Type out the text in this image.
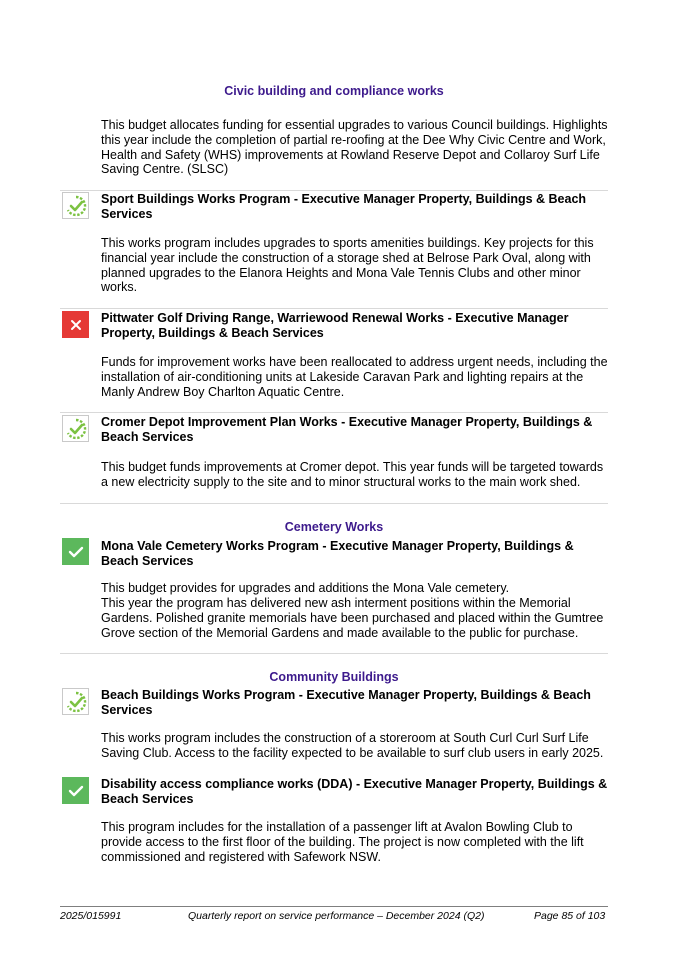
Civic building and compliance works
This budget allocates funding for essential upgrades to various Council buildings. Highlights this year include the completion of partial re-roofing at the Dee Why Civic Centre and Work, Health and Safety (WHS) improvements at Rowland Reserve Depot and Collaroy Surf Life Saving Centre. (SLSC)
Sport Buildings Works Program - Executive Manager Property, Buildings & Beach Services
This works program includes upgrades to sports amenities buildings. Key projects for this financial year include the construction of a storage shed at Belrose Park Oval, along with planned upgrades to the Elanora Heights and Mona Vale Tennis Clubs and other minor works.
Pittwater Golf Driving Range, Warriewood Renewal Works - Executive Manager Property, Buildings & Beach Services
Funds for improvement works have been reallocated to address urgent needs, including the installation of air-conditioning units at Lakeside Caravan Park and lighting repairs at the Manly Andrew Boy Charlton Aquatic Centre.
Cromer Depot Improvement Plan Works - Executive Manager Property, Buildings & Beach Services
This budget funds improvements at Cromer depot. This year funds will be targeted towards a new electricity supply to the site and to minor structural works to the main work shed.
Cemetery Works
Mona Vale Cemetery Works Program - Executive Manager Property, Buildings & Beach Services
This budget provides for upgrades and additions the Mona Vale cemetery.
This year the program has delivered new ash interment positions within the Memorial Gardens. Polished granite memorials have been purchased and placed within the Gumtree Grove section of the Memorial Gardens and made available to the public for purchase.
Community Buildings
Beach Buildings Works Program - Executive Manager Property, Buildings & Beach Services
This works program includes the construction of a storeroom at South Curl Curl Surf Life Saving Club. Access to the facility expected to be available to surf club users in early 2025.
Disability access compliance works (DDA) - Executive Manager Property, Buildings & Beach Services
This program includes for the installation of a passenger lift at Avalon Bowling Club to provide access to the first floor of the building. The project is now completed with the lift commissioned and registered with Safework NSW.
2025/015991	Quarterly report on service performance – December 2024 (Q2)	Page 85 of 103
